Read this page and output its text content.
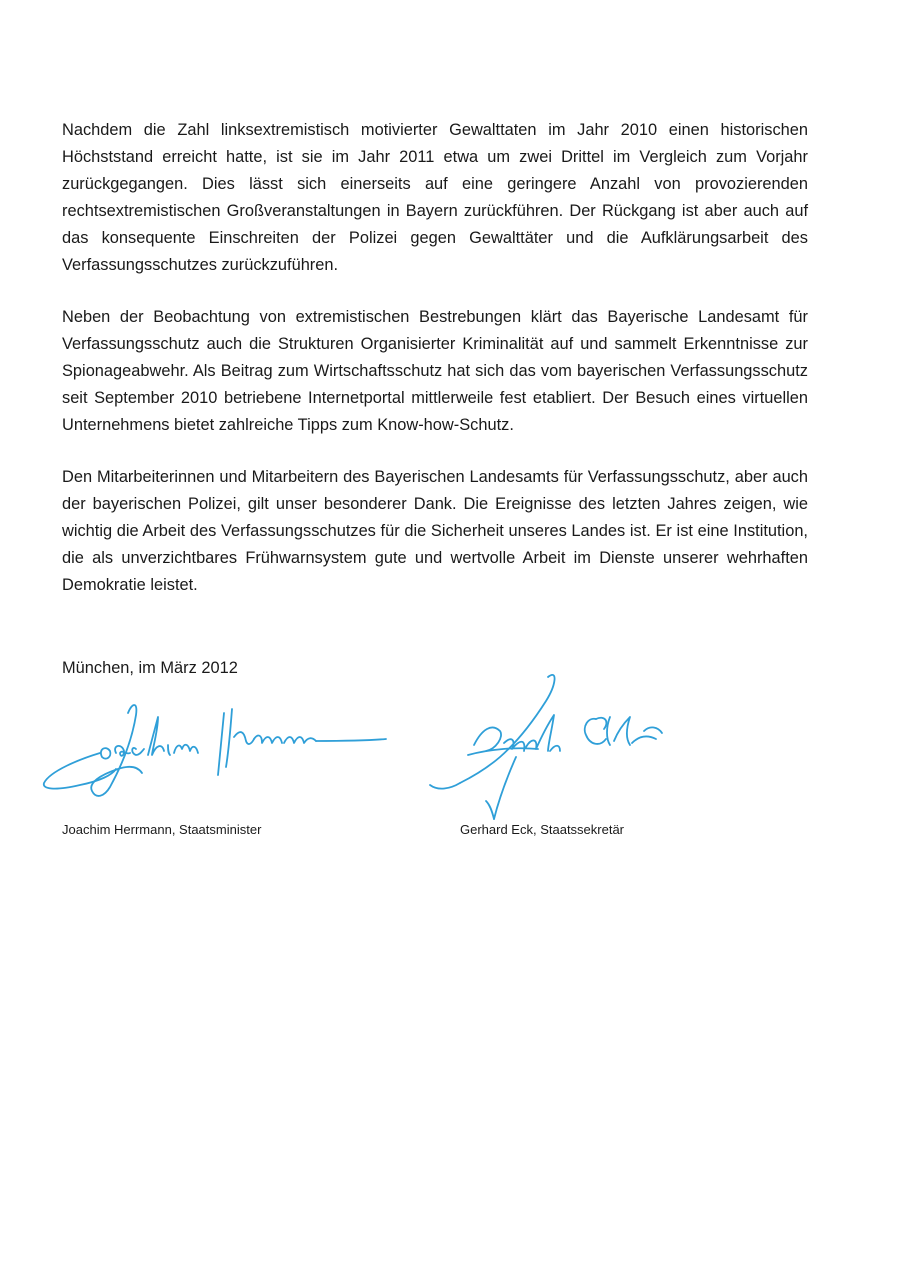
Nachdem die Zahl linksextremistisch motivierter Gewalttaten im Jahr 2010 einen historischen Höchststand erreicht hatte, ist sie im Jahr 2011 etwa um zwei Drittel im Vergleich zum Vorjahr zurückgegangen. Dies lässt sich einerseits auf eine geringere Anzahl von provozierenden rechtsextremistischen Großveranstaltungen in Bayern zurückführen. Der Rückgang ist aber auch auf das konsequente Einschreiten der Polizei gegen Gewalttäter und die Aufklärungsarbeit des Verfassungsschutzes zurückzuführen.

Neben der Beobachtung von extremistischen Bestrebungen klärt das Bayerische Landesamt für Verfassungsschutz auch die Strukturen Organisierter Kriminalität auf und sammelt Erkenntnisse zur Spionageabwehr. Als Beitrag zum Wirtschaftsschutz hat sich das vom bayerischen Verfassungsschutz seit September 2010 betriebene Internetportal mittlerweile fest etabliert. Der Besuch eines virtuellen Unternehmens bietet zahlreiche Tipps zum Know-how-Schutz.

Den Mitarbeiterinnen und Mitarbeitern des Bayerischen Landesamts für Verfassungsschutz, aber auch der bayerischen Polizei, gilt unser besonderer Dank. Die Ereignisse des letzten Jahres zeigen, wie wichtig die Arbeit des Verfassungsschutzes für die Sicherheit unseres Landes ist. Er ist eine Institution, die als unverzichtbares Frühwarnsystem gute und wertvolle Arbeit im Dienste unserer wehrhaften Demokratie leistet.

München, im März 2012

Joachim Herrmann, Staatsminister	Gerhard Eck, Staatssekretär
